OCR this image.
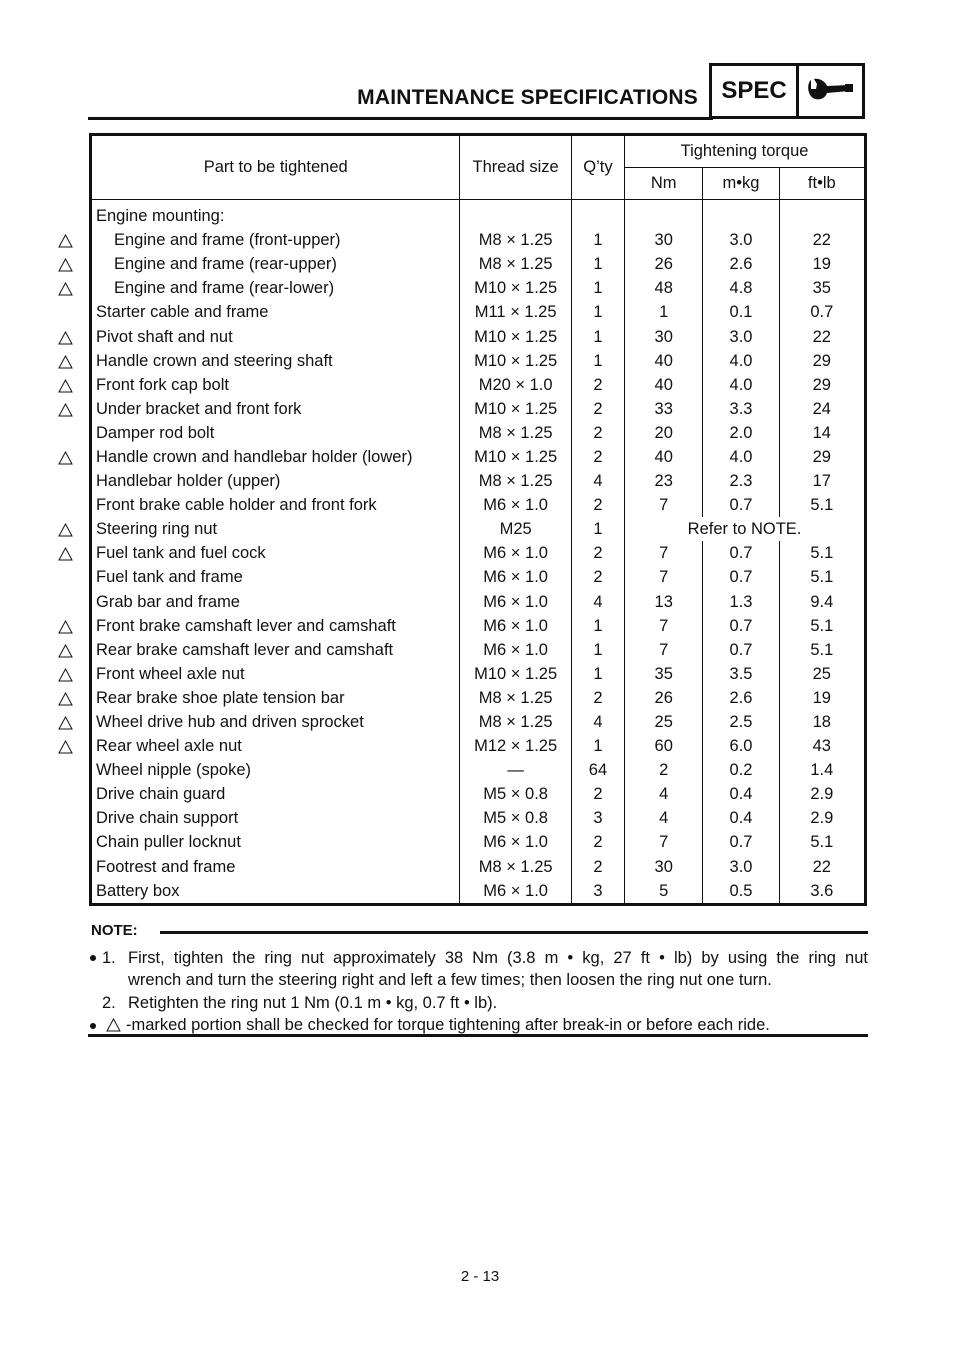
MAINTENANCE SPECIFICATIONS SPEC
Part to be tightened	Thread size	Q’ty	Tightening torque		
			Nm	m•kg	ft•lb
Engine mounting:					
Engine and frame (front-upper)	M8 × 1.25	1	30	3.0	22
Engine and frame (rear-upper)	M8 × 1.25	1	26	2.6	19
Engine and frame (rear-lower)	M10 × 1.25	1	48	4.8	35
Starter cable and frame	M11 × 1.25	1	1	0.1	0.7
Pivot shaft and nut	M10 × 1.25	1	30	3.0	22
Handle crown and steering shaft	M10 × 1.25	1	40	4.0	29
Front fork cap bolt	M20 × 1.0	2	40	4.0	29
Under bracket and front fork	M10 × 1.25	2	33	3.3	24
Damper rod bolt	M8 × 1.25	2	20	2.0	14
Handle crown and handlebar holder (lower)	M10 × 1.25	2	40	4.0	29
Handlebar holder (upper)	M8 × 1.25	4	23	2.3	17
Front brake cable holder and front fork	M6 × 1.0	2	7	0.7	5.1
Steering ring nut	M25	1	Refer to NOTE.		
Fuel tank and fuel cock	M6 × 1.0	2	7	0.7	5.1
Fuel tank and frame	M6 × 1.0	2	7	0.7	5.1
Grab bar and frame	M6 × 1.0	4	13	1.3	9.4
Front brake camshaft lever and camshaft	M6 × 1.0	1	7	0.7	5.1
Rear brake camshaft lever and camshaft	M6 × 1.0	1	7	0.7	5.1
Front wheel axle nut	M10 × 1.25	1	35	3.5	25
Rear brake shoe plate tension bar	M8 × 1.25	2	26	2.6	19
Wheel drive hub and driven sprocket	M8 × 1.25	4	25	2.5	18
Rear wheel axle nut	M12 × 1.25	1	60	6.0	43
Wheel nipple (spoke)	—	64	2	0.2	1.4
Drive chain guard	M5 × 0.8	2	4	0.4	2.9
Drive chain support	M5 × 0.8	3	4	0.4	2.9
Chain puller locknut	M6 × 1.0	2	7	0.7	5.1
Footrest and frame	M8 × 1.25	2	30	3.0	22
Battery box	M6 × 1.0	3	5	0.5	3.6
NOTE:
1. First, tighten the ring nut approximately 38 Nm (3.8 m • kg, 27 ft • lb) by using the ring nut
wrench and turn the steering right and left a few times; then loosen the ring nut one turn.
2. Retighten the ring nut 1 Nm (0.1 m • kg, 0.7 ft • lb).
-marked portion shall be checked for torque tightening after break-in or before each ride.
2 - 13
